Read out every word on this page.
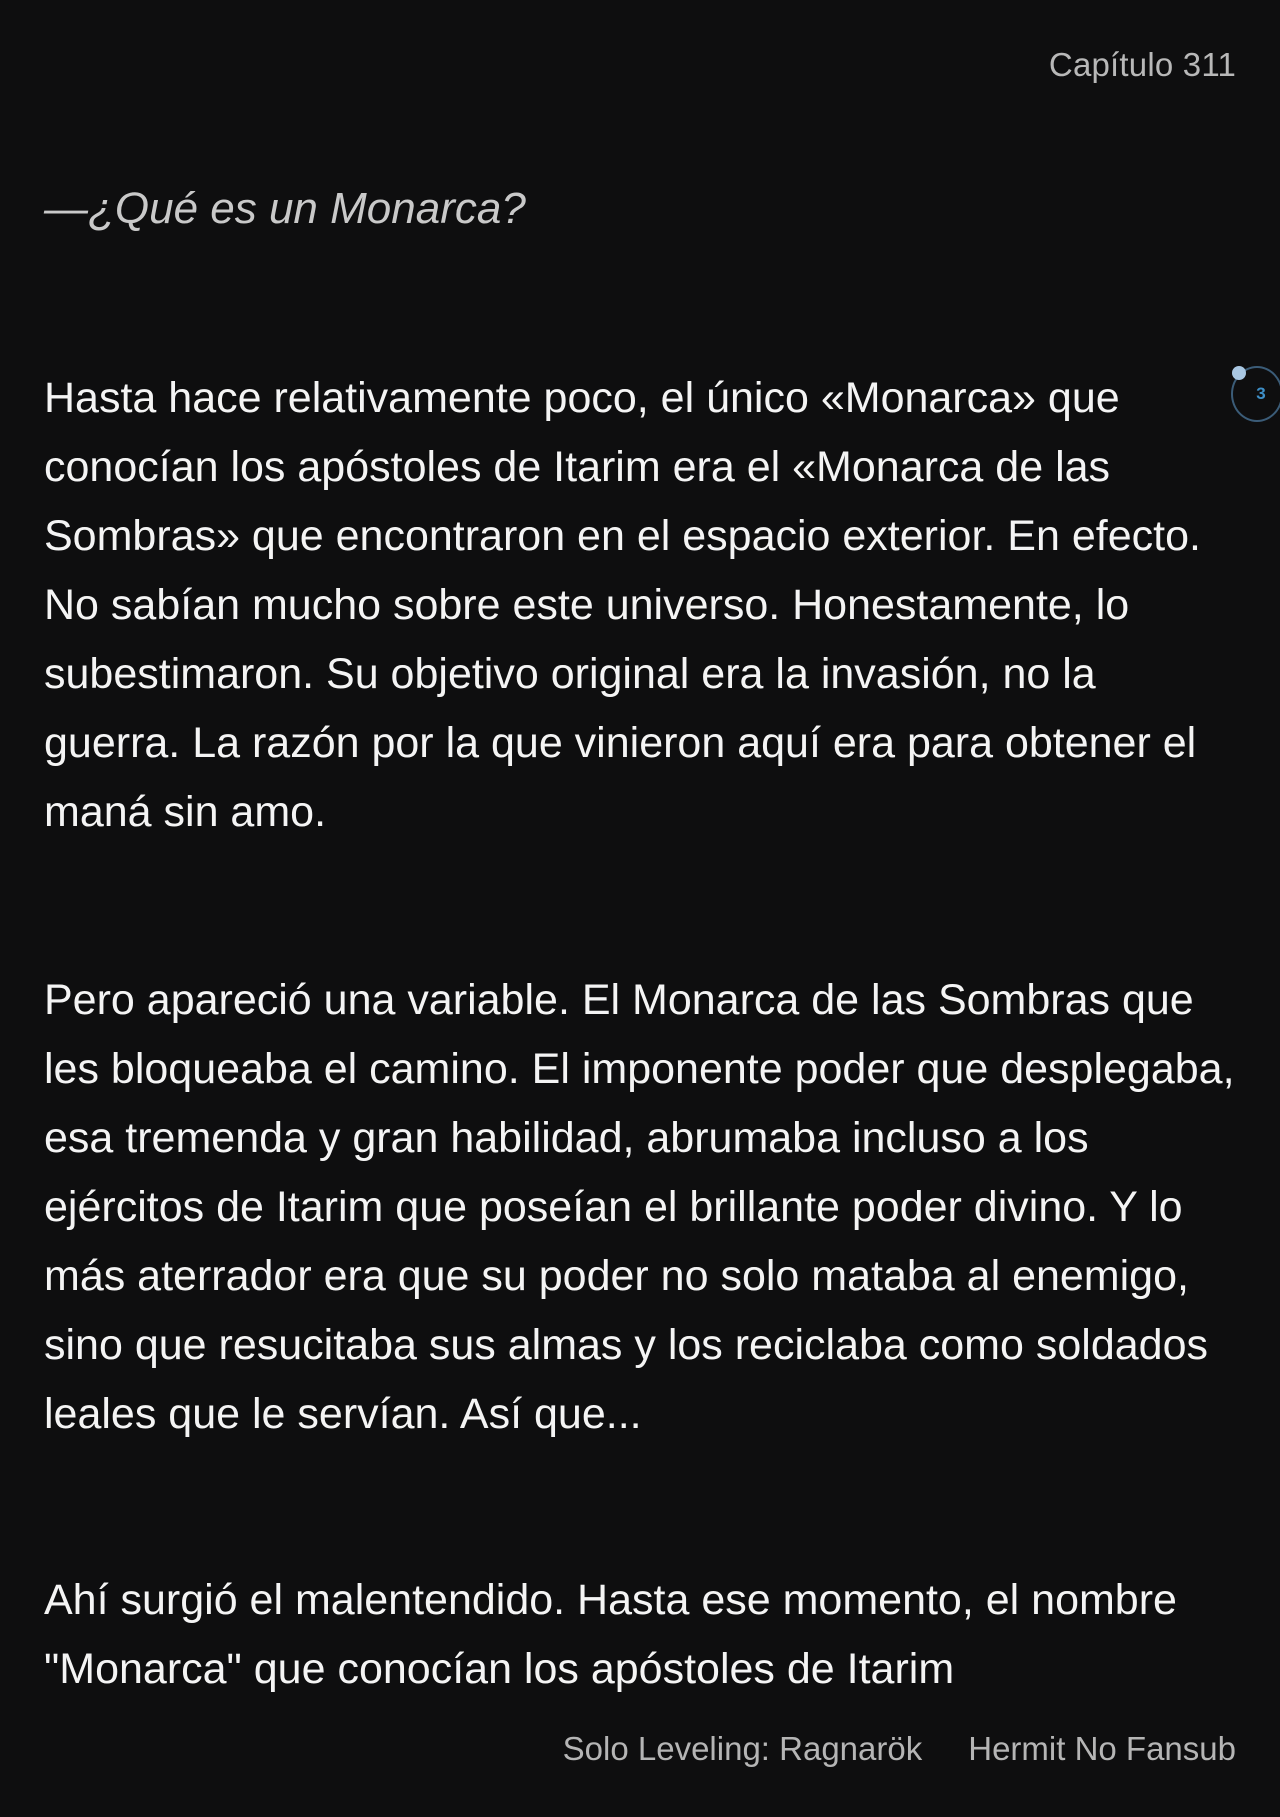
Capítulo 311

—¿Qué es un Monarca?

Hasta hace relativamente poco, el único «Monarca» que conocían los apóstoles de Itarim era el «Monarca de las Sombras» que encontraron en el espacio exterior. En efecto. No sabían mucho sobre este universo. Honestamente, lo subestimaron. Su objetivo original era la invasión, no la guerra. La razón por la que vinieron aquí era para obtener el maná sin amo.

Pero apareció una variable. El Monarca de las Sombras que les bloqueaba el camino. El imponente poder que desplegaba, esa tremenda y gran habilidad, abrumaba incluso a los ejércitos de Itarim que poseían el brillante poder divino. Y lo más aterrador era que su poder no solo mataba al enemigo, sino que resucitaba sus almas y los reciclaba como soldados leales que le servían. Así que...

Ahí surgió el malentendido. Hasta ese momento, el nombre "Monarca" que conocían los apóstoles de Itarim

3
Solo Leveling: Ragnarök Hermit No Fansub
